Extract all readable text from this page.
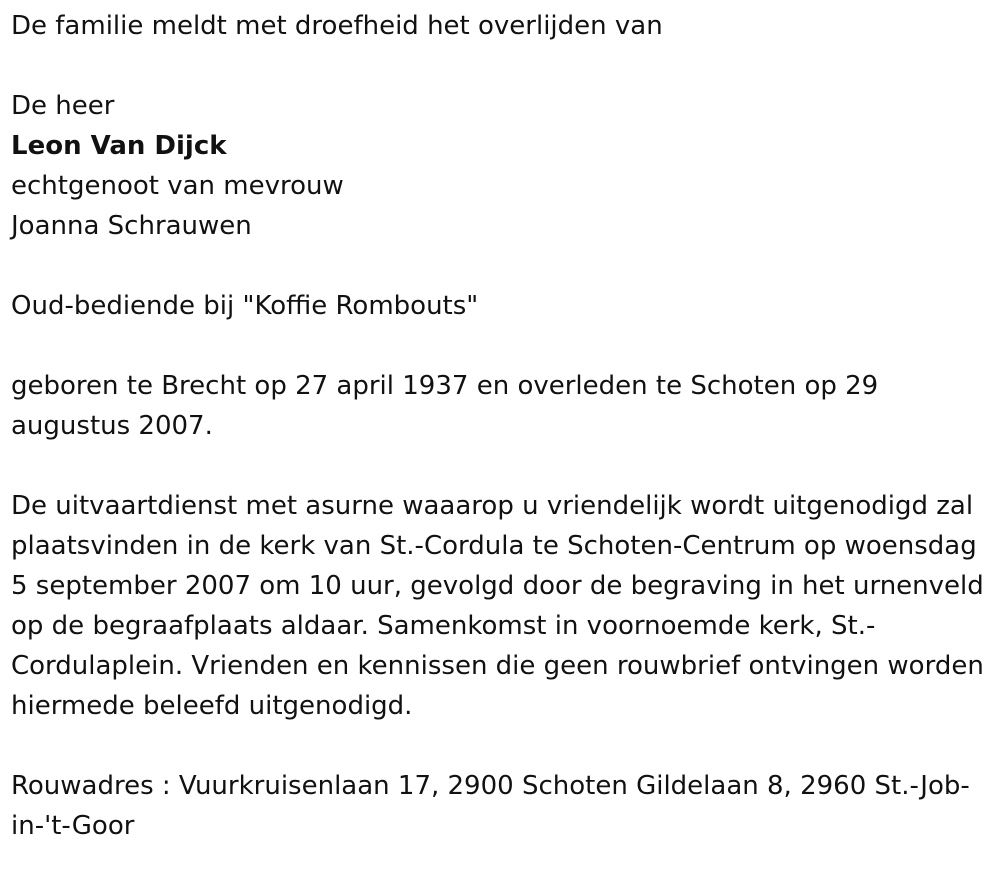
De familie meldt met droefheid het overlijden van
De heer
Leon Van Dijck
echtgenoot van mevrouw
Joanna Schrauwen
Oud-bediende bij "Koffie Rombouts"
geboren te Brecht op 27 april 1937 en overleden te Schoten op 29 augustus 2007.
De uitvaartdienst met asurne waaarop u vriendelijk wordt uitgenodigd zal plaatsvinden in de kerk van St.-Cordula te Schoten-Centrum op woensdag 5 september 2007 om 10 uur, gevolgd door de begraving in het urnenveld op de begraafplaats aldaar. Samenkomst in voornoemde kerk, St.-Cordulaplein. Vrienden en kennissen die geen rouwbrief ontvingen worden hiermede beleefd uitgenodigd.
Rouwadres : Vuurkruisenlaan 17, 2900 Schoten Gildelaan 8, 2960 St.-Job-in-'t-Goor
